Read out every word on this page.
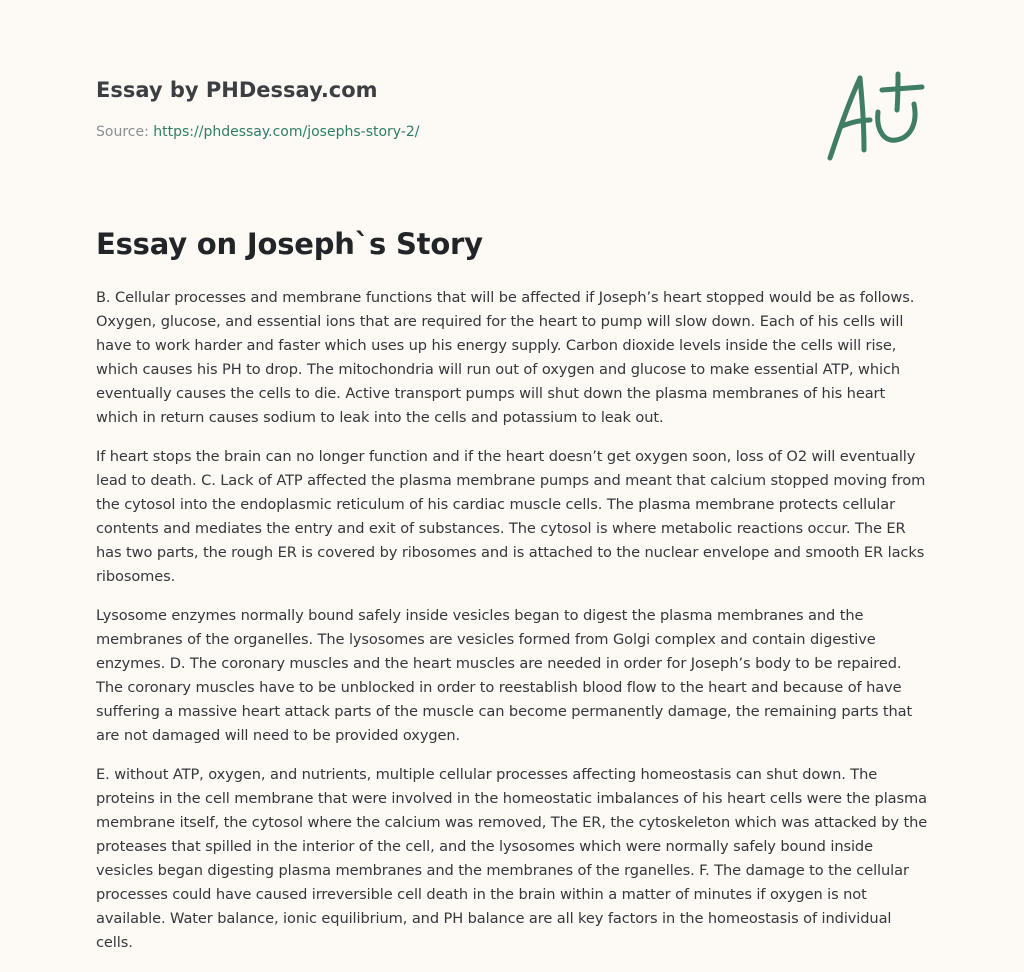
Essay by PHDessay.com
Source: https://phdessay.com/josephs-story-2/
Essay on Joseph`s Story

B. Cellular processes and membrane functions that will be affected if Joseph’s heart stopped would be as follows. Oxygen, glucose, and essential ions that are required for the heart to pump will slow down. Each of his cells will have to work harder and faster which uses up his energy supply. Carbon dioxide levels inside the cells will rise, which causes his PH to drop. The mitochondria will run out of oxygen and glucose to make essential ATP, which eventually causes the cells to die. Active transport pumps will shut down the plasma membranes of his heart which in return causes sodium to leak into the cells and potassium to leak out.

If heart stops the brain can no longer function and if the heart doesn’t get oxygen soon, loss of O2 will eventually lead to death. C. Lack of ATP affected the plasma membrane pumps and meant that calcium stopped moving from the cytosol into the endoplasmic reticulum of his cardiac muscle cells. The plasma membrane protects cellular contents and mediates the entry and exit of substances. The cytosol is where metabolic reactions occur. The ER has two parts, the rough ER is covered by ribosomes and is attached to the nuclear envelope and smooth ER lacks ribosomes.

Lysosome enzymes normally bound safely inside vesicles began to digest the plasma membranes and the membranes of the organelles. The lysosomes are vesicles formed from Golgi complex and contain digestive enzymes. D. The coronary muscles and the heart muscles are needed in order for Joseph’s body to be repaired. The coronary muscles have to be unblocked in order to reestablish blood flow to the heart and because of have suffering a massive heart attack parts of the muscle can become permanently damage, the remaining parts that are not damaged will need to be provided oxygen.

E. without ATP, oxygen, and nutrients, multiple cellular processes affecting homeostasis can shut down. The proteins in the cell membrane that were involved in the homeostatic imbalances of his heart cells were the plasma membrane itself, the cytosol where the calcium was removed, The ER, the cytoskeleton which was attacked by the proteases that spilled in the interior of the cell, and the lysosomes which were normally safely bound inside vesicles began digesting plasma membranes and the membranes of the rganelles. F. The damage to the cellular processes could have caused irreversible cell death in the brain within a matter of minutes if oxygen is not available. Water balance, ionic equilibrium, and PH balance are all key factors in the homeostasis of individual cells.
